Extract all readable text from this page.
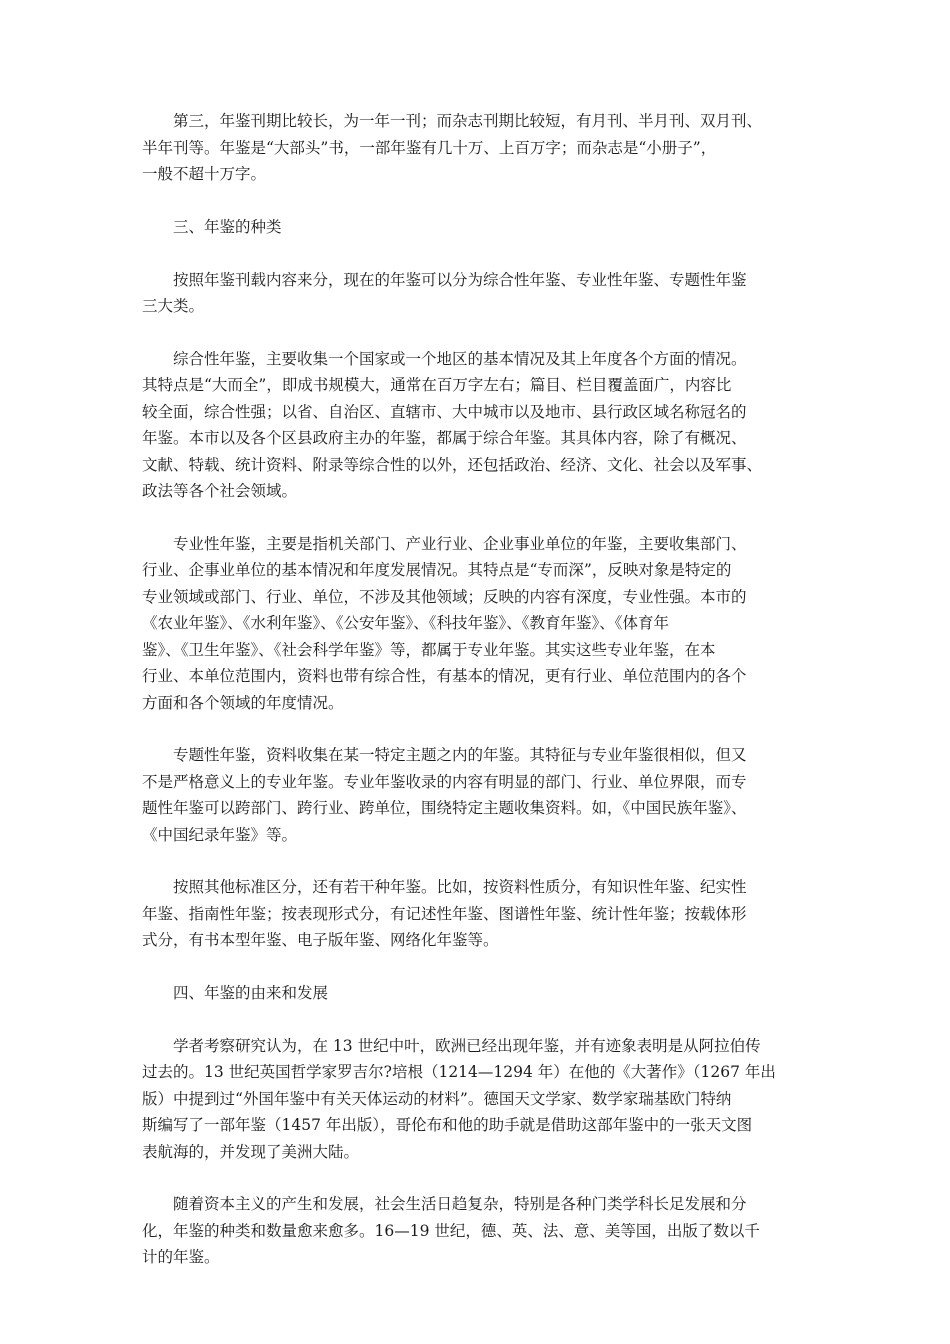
第三，年鉴刊期比较长，为一年一刊；而杂志刊期比较短，有月刊、半月刊、双月刊、
半年刊等。年鉴是“大部头”书，一部年鉴有几十万、上百万字；而杂志是“小册子”，
一般不超十万字。
三、年鉴的种类
按照年鉴刊载内容来分，现在的年鉴可以分为综合性年鉴、专业性年鉴、专题性年鉴
三大类。
综合性年鉴，主要收集一个国家或一个地区的基本情况及其上年度各个方面的情况。
其特点是“大而全”，即成书规模大，通常在百万字左右；篇目、栏目覆盖面广，内容比
较全面，综合性强；以省、自治区、直辖市、大中城市以及地市、县行政区域名称冠名的
年鉴。本市以及各个区县政府主办的年鉴，都属于综合年鉴。其具体内容，除了有概况、
文献、特载、统计资料、附录等综合性的以外，还包括政治、经济、文化、社会以及军事、
政法等各个社会领域。
专业性年鉴，主要是指机关部门、产业行业、企业事业单位的年鉴，主要收集部门、
行业、企事业单位的基本情况和年度发展情况。其特点是“专而深”，反映对象是特定的
专业领域或部门、行业、单位，不涉及其他领域；反映的内容有深度，专业性强。本市的
《农业年鉴》、《水利年鉴》、《公安年鉴》、《科技年鉴》、《教育年鉴》、《体育年
鉴》、《卫生年鉴》、《社会科学年鉴》等，都属于专业年鉴。其实这些专业年鉴，在本
行业、本单位范围内，资料也带有综合性，有基本的情况，更有行业、单位范围内的各个
方面和各个领域的年度情况。
专题性年鉴，资料收集在某一特定主题之内的年鉴。其特征与专业年鉴很相似，但又
不是严格意义上的专业年鉴。专业年鉴收录的内容有明显的部门、行业、单位界限，而专
题性年鉴可以跨部门、跨行业、跨单位，围绕特定主题收集资料。如，《中国民族年鉴》、
《中国纪录年鉴》等。
按照其他标准区分，还有若干种年鉴。比如，按资料性质分，有知识性年鉴、纪实性
年鉴、指南性年鉴；按表现形式分，有记述性年鉴、图谱性年鉴、统计性年鉴；按载体形
式分，有书本型年鉴、电子版年鉴、网络化年鉴等。
四、年鉴的由来和发展
学者考察研究认为，在 13 世纪中叶，欧洲已经出现年鉴，并有迹象表明是从阿拉伯传
过去的。13 世纪英国哲学家罗吉尔?培根（1214—1294 年）在他的《大著作》（1267 年出
版）中提到过“外国年鉴中有关天体运动的材料”。德国天文学家、数学家瑞基欧门特纳
斯编写了一部年鉴（1457 年出版），哥伦布和他的助手就是借助这部年鉴中的一张天文图
表航海的，并发现了美洲大陆。
随着资本主义的产生和发展，社会生活日趋复杂，特别是各种门类学科长足发展和分
化，年鉴的种类和数量愈来愈多。16—19 世纪，德、英、法、意、美等国，出版了数以千
计的年鉴。
